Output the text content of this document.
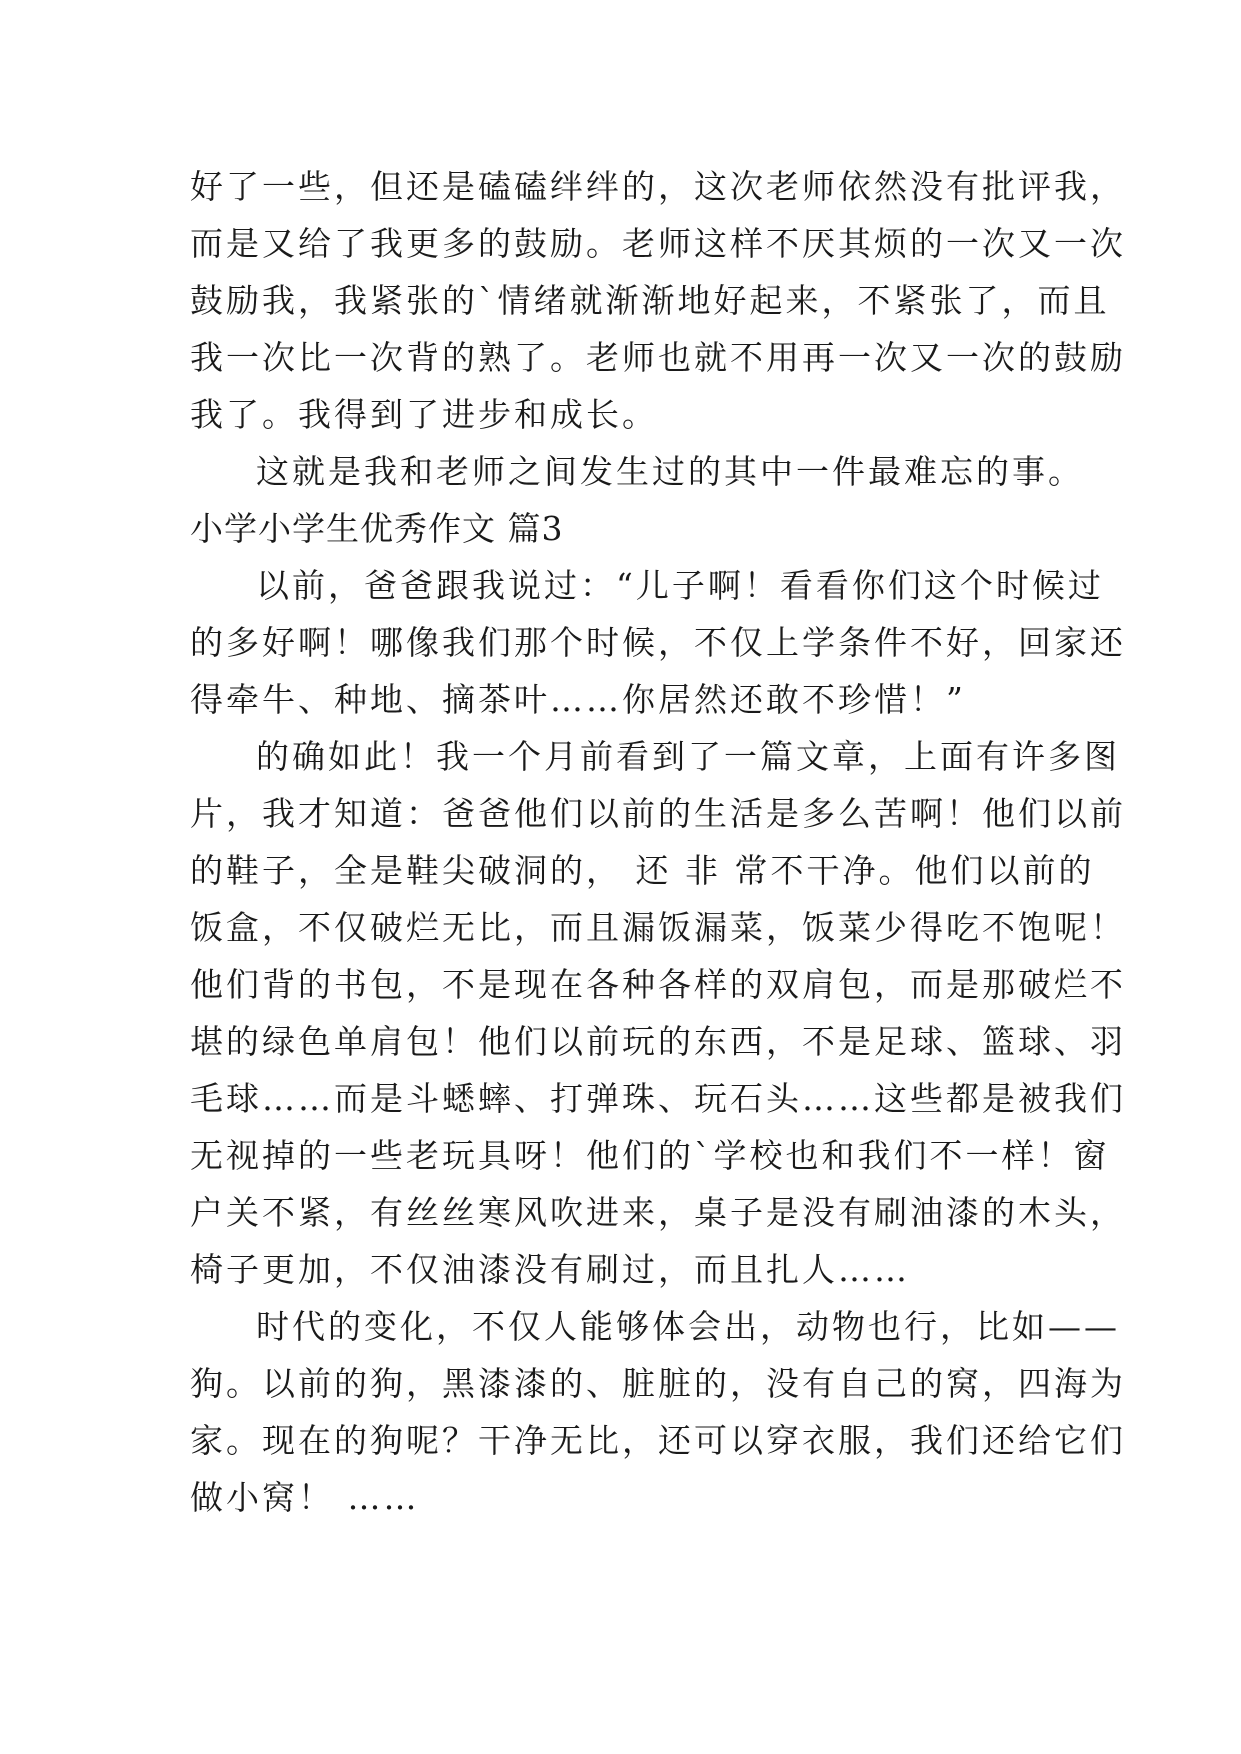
好了一些，但还是磕磕绊绊的，这次老师依然没有批评我，
而是又给了我更多的鼓励。老师这样不厌其烦的一次又一次
鼓励我，我紧张的`情绪就渐渐地好起来，不紧张了，而且
我一次比一次背的熟了。老师也就不用再一次又一次的鼓励
我了。我得到了进步和成长。
这就是我和老师之间发生过的其中一件最难忘的事。
小学小学生优秀作文 篇3
以前，爸爸跟我说过：“儿子啊！看看你们这个时候过
的多好啊！哪像我们那个时候，不仅上学条件不好，回家还
得牵牛、种地、摘茶叶……你居然还敢不珍惜！”
的确如此！我一个月前看到了一篇文章，上面有许多图
片，我才知道：爸爸他们以前的生活是多么苦啊！他们以前
的鞋子，全是鞋尖破洞的， 还 非 常不干净。他们以前的
饭盒，不仅破烂无比，而且漏饭漏菜，饭菜少得吃不饱呢！
他们背的书包，不是现在各种各样的双肩包，而是那破烂不
堪的绿色单肩包！他们以前玩的东西，不是足球、篮球、羽
毛球……而是斗蟋蟀、打弹珠、玩石头……这些都是被我们
无视掉的一些老玩具呀！他们的`学校也和我们不一样！窗
户关不紧，有丝丝寒风吹进来，桌子是没有刷油漆的木头，
椅子更加，不仅油漆没有刷过，而且扎人……
时代的变化，不仅人能够体会出，动物也行，比如——
狗。以前的狗，黑漆漆的、脏脏的，没有自己的窝，四海为
家。现在的狗呢？干净无比，还可以穿衣服，我们还给它们
做小窝！ ……
